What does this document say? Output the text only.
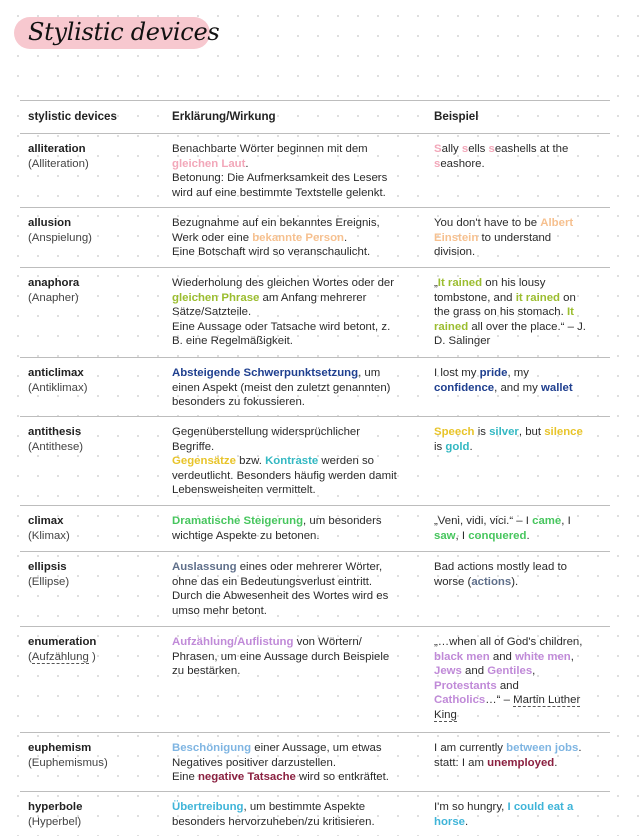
Stylistic devices
stylistic devices	Erklärung/Wirkung	Beispiel
alliteration
(Alliteration)
Benachbarte Wörter beginnen mit dem
gleichen Laut.
Betonung: Die Aufmerksamkeit des Lesers
wird auf eine bestimmte Textstelle gelenkt.
Sally sells seashells at the
seashore.
allusion
(Anspielung)
Bezugnahme auf ein bekanntes Ereignis,
Werk oder eine bekannte Person.
Eine Botschaft wird so veranschaulicht.
You don't have to be Albert
Einstein to understand
division.
anaphora
(Anapher)
Wiederholung des gleichen Wortes oder der
gleichen Phrase am Anfang mehrerer
Sätze/Satzteile.
Eine Aussage oder Tatsache wird betont, z.
B. eine Regelmäßigkeit.
„It rained on his lousy
tombstone, and it rained on
the grass on his stomach. It
rained all over the place.“ – J.
D. Salinger
anticlimax
(Antiklimax)
Absteigende Schwerpunktsetzung, um
einen Aspekt (meist den zuletzt genannten)
besonders zu fokussieren.
I lost my pride, my
confidence, and my wallet
antithesis
(Antithese)
Gegenüberstellung widersprüchlicher
Begriffe.
Gegensätze bzw. Kontraste werden so
verdeutlicht. Besonders häufig werden damit
Lebensweisheiten vermittelt.
Speech is silver, but silence
is gold.
climax
(Klimax)
Dramatische Steigerung, um besonders
wichtige Aspekte zu betonen.
„Veni, vidi, vici.“ – I came, I
saw, I conquered.
ellipsis
(Ellipse)
Auslassung eines oder mehrerer Wörter,
ohne das ein Bedeutungsverlust eintritt.
Durch die Abwesenheit des Wortes wird es
umso mehr betont.
Bad actions mostly lead to
worse (actions).
enumeration
(Aufzählung )
Aufzählung/Auflistung von Wörtern/
Phrasen, um eine Aussage durch Beispiele
zu bestärken.
„…when all of God's children,
black men and white men,
Jews and Gentiles,
Protestants and
Catholics…“ – Martin Luther
King
euphemism
(Euphemismus)
Beschönigung einer Aussage, um etwas
Negatives positiver darzustellen.
Eine negative Tatsache wird so entkräftet.
I am currently between jobs.
statt: I am unemployed.
hyperbole
(Hyperbel)
Übertreibung, um bestimmte Aspekte
besonders hervorzuheben/zu kritisieren.
I'm so hungry, I could eat a
horse.
